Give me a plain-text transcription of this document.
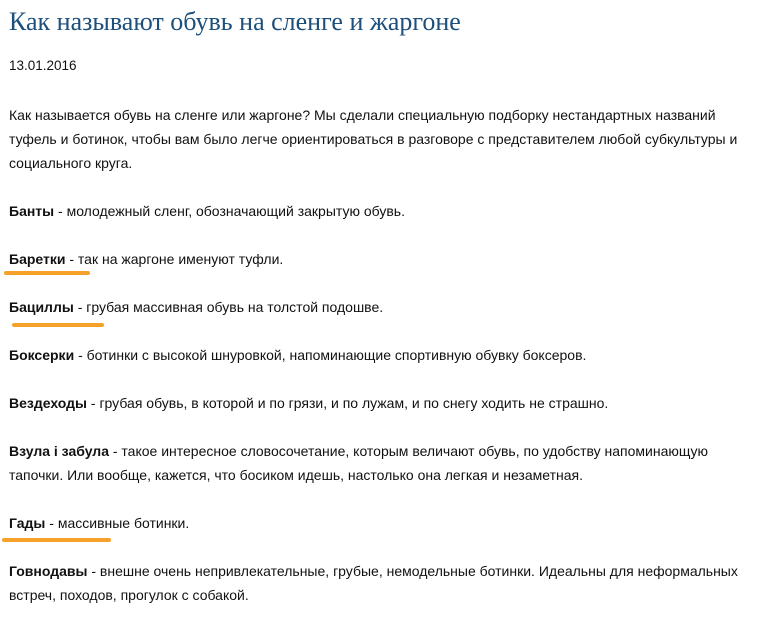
Как называют обувь на сленге и жаргоне
13.01.2016

Как называется обувь на сленге или жаргоне? Мы сделали специальную подборку нестандартных названий туфель и ботинок, чтобы вам было легче ориентироваться в разговоре с представителем любой субкультуры и социального круга.

Банты - молодежный сленг, обозначающий закрытую обувь.

Баретки - так на жаргоне именуют туфли.

Бациллы - грубая массивная обувь на толстой подошве.

Боксерки - ботинки с высокой шнуровкой, напоминающие спортивную обувку боксеров.

Вездеходы - грубая обувь, в которой и по грязи, и по лужам, и по снегу ходить не страшно.

Взула і забула - такое интересное словосочетание, которым величают обувь, по удобству напоминающую тапочки. Или вообще, кажется, что босиком идешь, настолько она легкая и незаметная.

Гады - массивные ботинки.

Говнодавы - внешне очень непривлекательные, грубые, немодельные ботинки. Идеальны для неформальных встреч, походов, прогулок с собакой.
